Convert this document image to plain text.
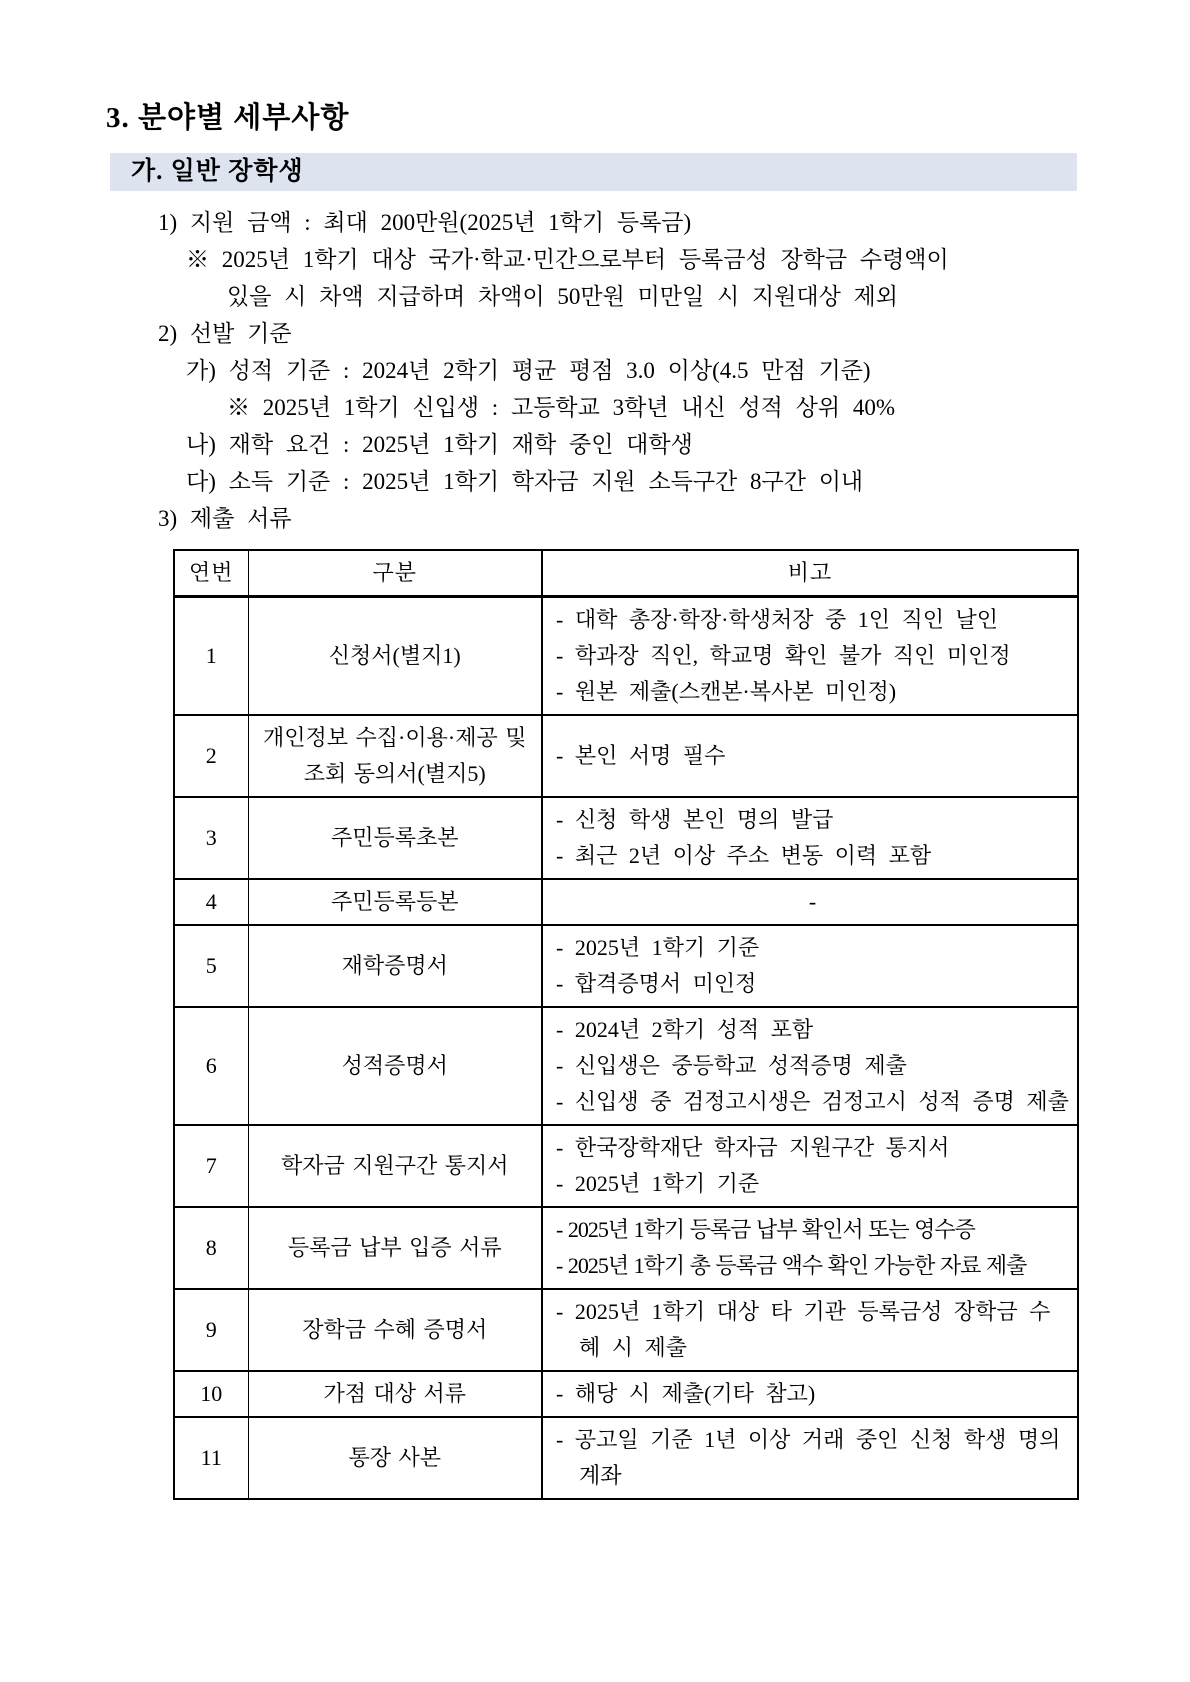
3. 분야별 세부사항
가. 일반 장학생
1) 지원 금액 : 최대 200만원(2025년 1학기 등록금)
※ 2025년 1학기 대상 국가·학교·민간으로부터 등록금성 장학금 수령액이
있을 시 차액 지급하며 차액이 50만원 미만일 시 지원대상 제외
2) 선발 기준
가) 성적 기준 : 2024년 2학기 평균 평점 3.0 이상(4.5 만점 기준)
※ 2025년 1학기 신입생 : 고등학교 3학년 내신 성적 상위 40%
나) 재학 요건 : 2025년 1학기 재학 중인 대학생
다) 소득 기준 : 2025년 1학기 학자금 지원 소득구간 8구간 이내
3) 제출 서류
연번	구분	비고
1	신청서(별지1)	- 대학 총장·학장·학생처장 중 1인 직인 날인
- 학과장 직인, 학교명 확인 불가 직인 미인정
- 원본 제출(스캔본·복사본 미인정)

2	개인정보 수집·이용·제공 및 조회 동의서(별지5)	- 본인 서명 필수

3	주민등록초본	- 신청 학생 본인 명의 발급
- 최근 2년 이상 주소 변동 이력 포함

4	주민등록등본	-

5	재학증명서	- 2025년 1학기 기준
- 합격증명서 미인정

6	성적증명서	- 2024년 2학기 성적 포함
- 신입생은 중등학교 성적증명 제출
- 신입생 중 검정고시생은 검정고시 성적 증명 제출

7	학자금 지원구간 통지서	- 한국장학재단 학자금 지원구간 통지서
- 2025년 1학기 기준

8	등록금 납부 입증 서류	- 2025년 1학기 등록금 납부 확인서 또는 영수증
- 2025년 1학기 총 등록금 액수 확인 가능한 자료 제출

9	장학금 수혜 증명서	- 2025년 1학기 대상 타 기관 등록금성 장학금 수혜 시 제출

10	가점 대상 서류	- 해당 시 제출(기타 참고)

11	통장 사본	- 공고일 기준 1년 이상 거래 중인 신청 학생 명의 계좌
